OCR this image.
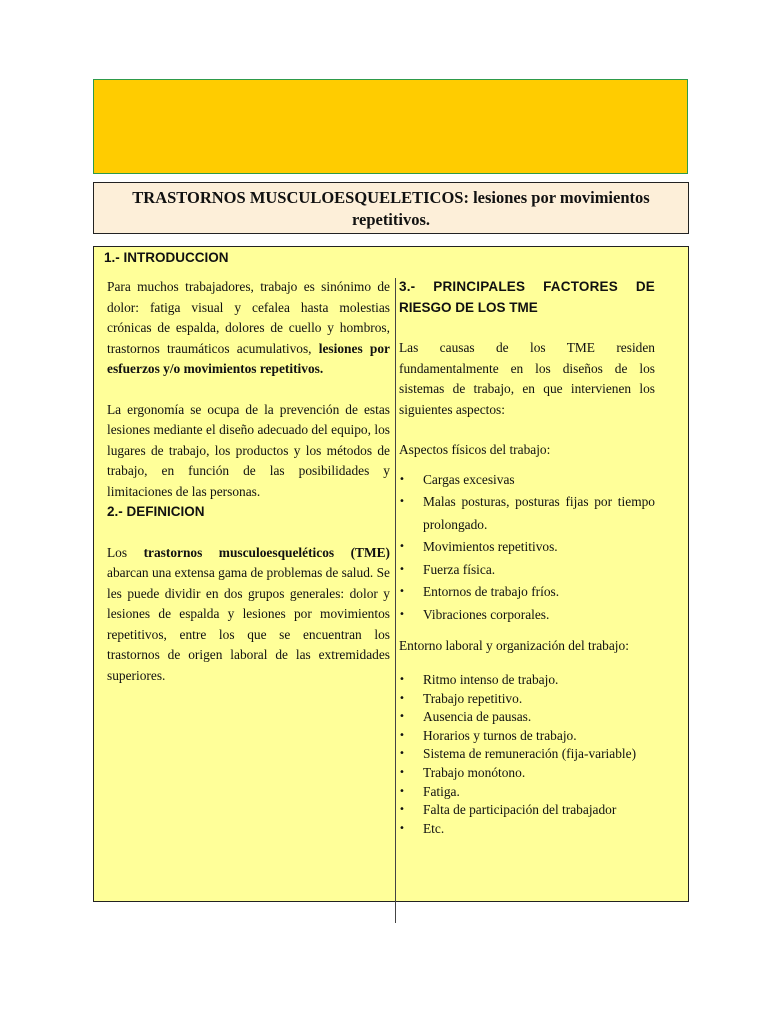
TRASTORNOS MUSCULOESQUELETICOS: lesiones por movimientos
repetitivos.
1.- INTRODUCCION

Para muchos trabajadores, trabajo es sinónimo de dolor: fatiga visual y cefalea hasta molestias crónicas de espalda, dolores de cuello y hombros, trastornos traumáticos acumulativos, lesiones por esfuerzos y/o movimientos repetitivos.

La ergonomía se ocupa de la prevención de estas lesiones mediante el diseño adecuado del equipo, los lugares de trabajo, los productos y los métodos de trabajo, en función de las posibilidades y limitaciones de las personas.

2.- DEFINICION

Los trastornos musculoesqueléticos (TME) abarcan una extensa gama de problemas de salud. Se les puede dividir en dos grupos generales: dolor y lesiones de espalda y lesiones por movimientos repetitivos, entre los que se encuentran los trastornos de origen laboral de las extremidades superiores.

3.- PRINCIPALES FACTORES DE

RIESGO DE LOS TME

Las causas de los TME residen fundamentalmente en los diseños de los sistemas de trabajo, en que intervienen los siguientes aspectos:

Aspectos físicos del trabajo:

• Cargas excesivas
• Malas posturas, posturas fijas por tiempo prolongado.
• Movimientos repetitivos.
• Fuerza física.
• Entornos de trabajo fríos.
• Vibraciones corporales.

Entorno laboral y organización del trabajo:

• Ritmo intenso de trabajo.
• Trabajo repetitivo.
• Ausencia de pausas.
• Horarios y turnos de trabajo.
• Sistema de remuneración (fija-variable)
• Trabajo monótono.
• Fatiga.
• Falta de participación del trabajador
• Etc.
